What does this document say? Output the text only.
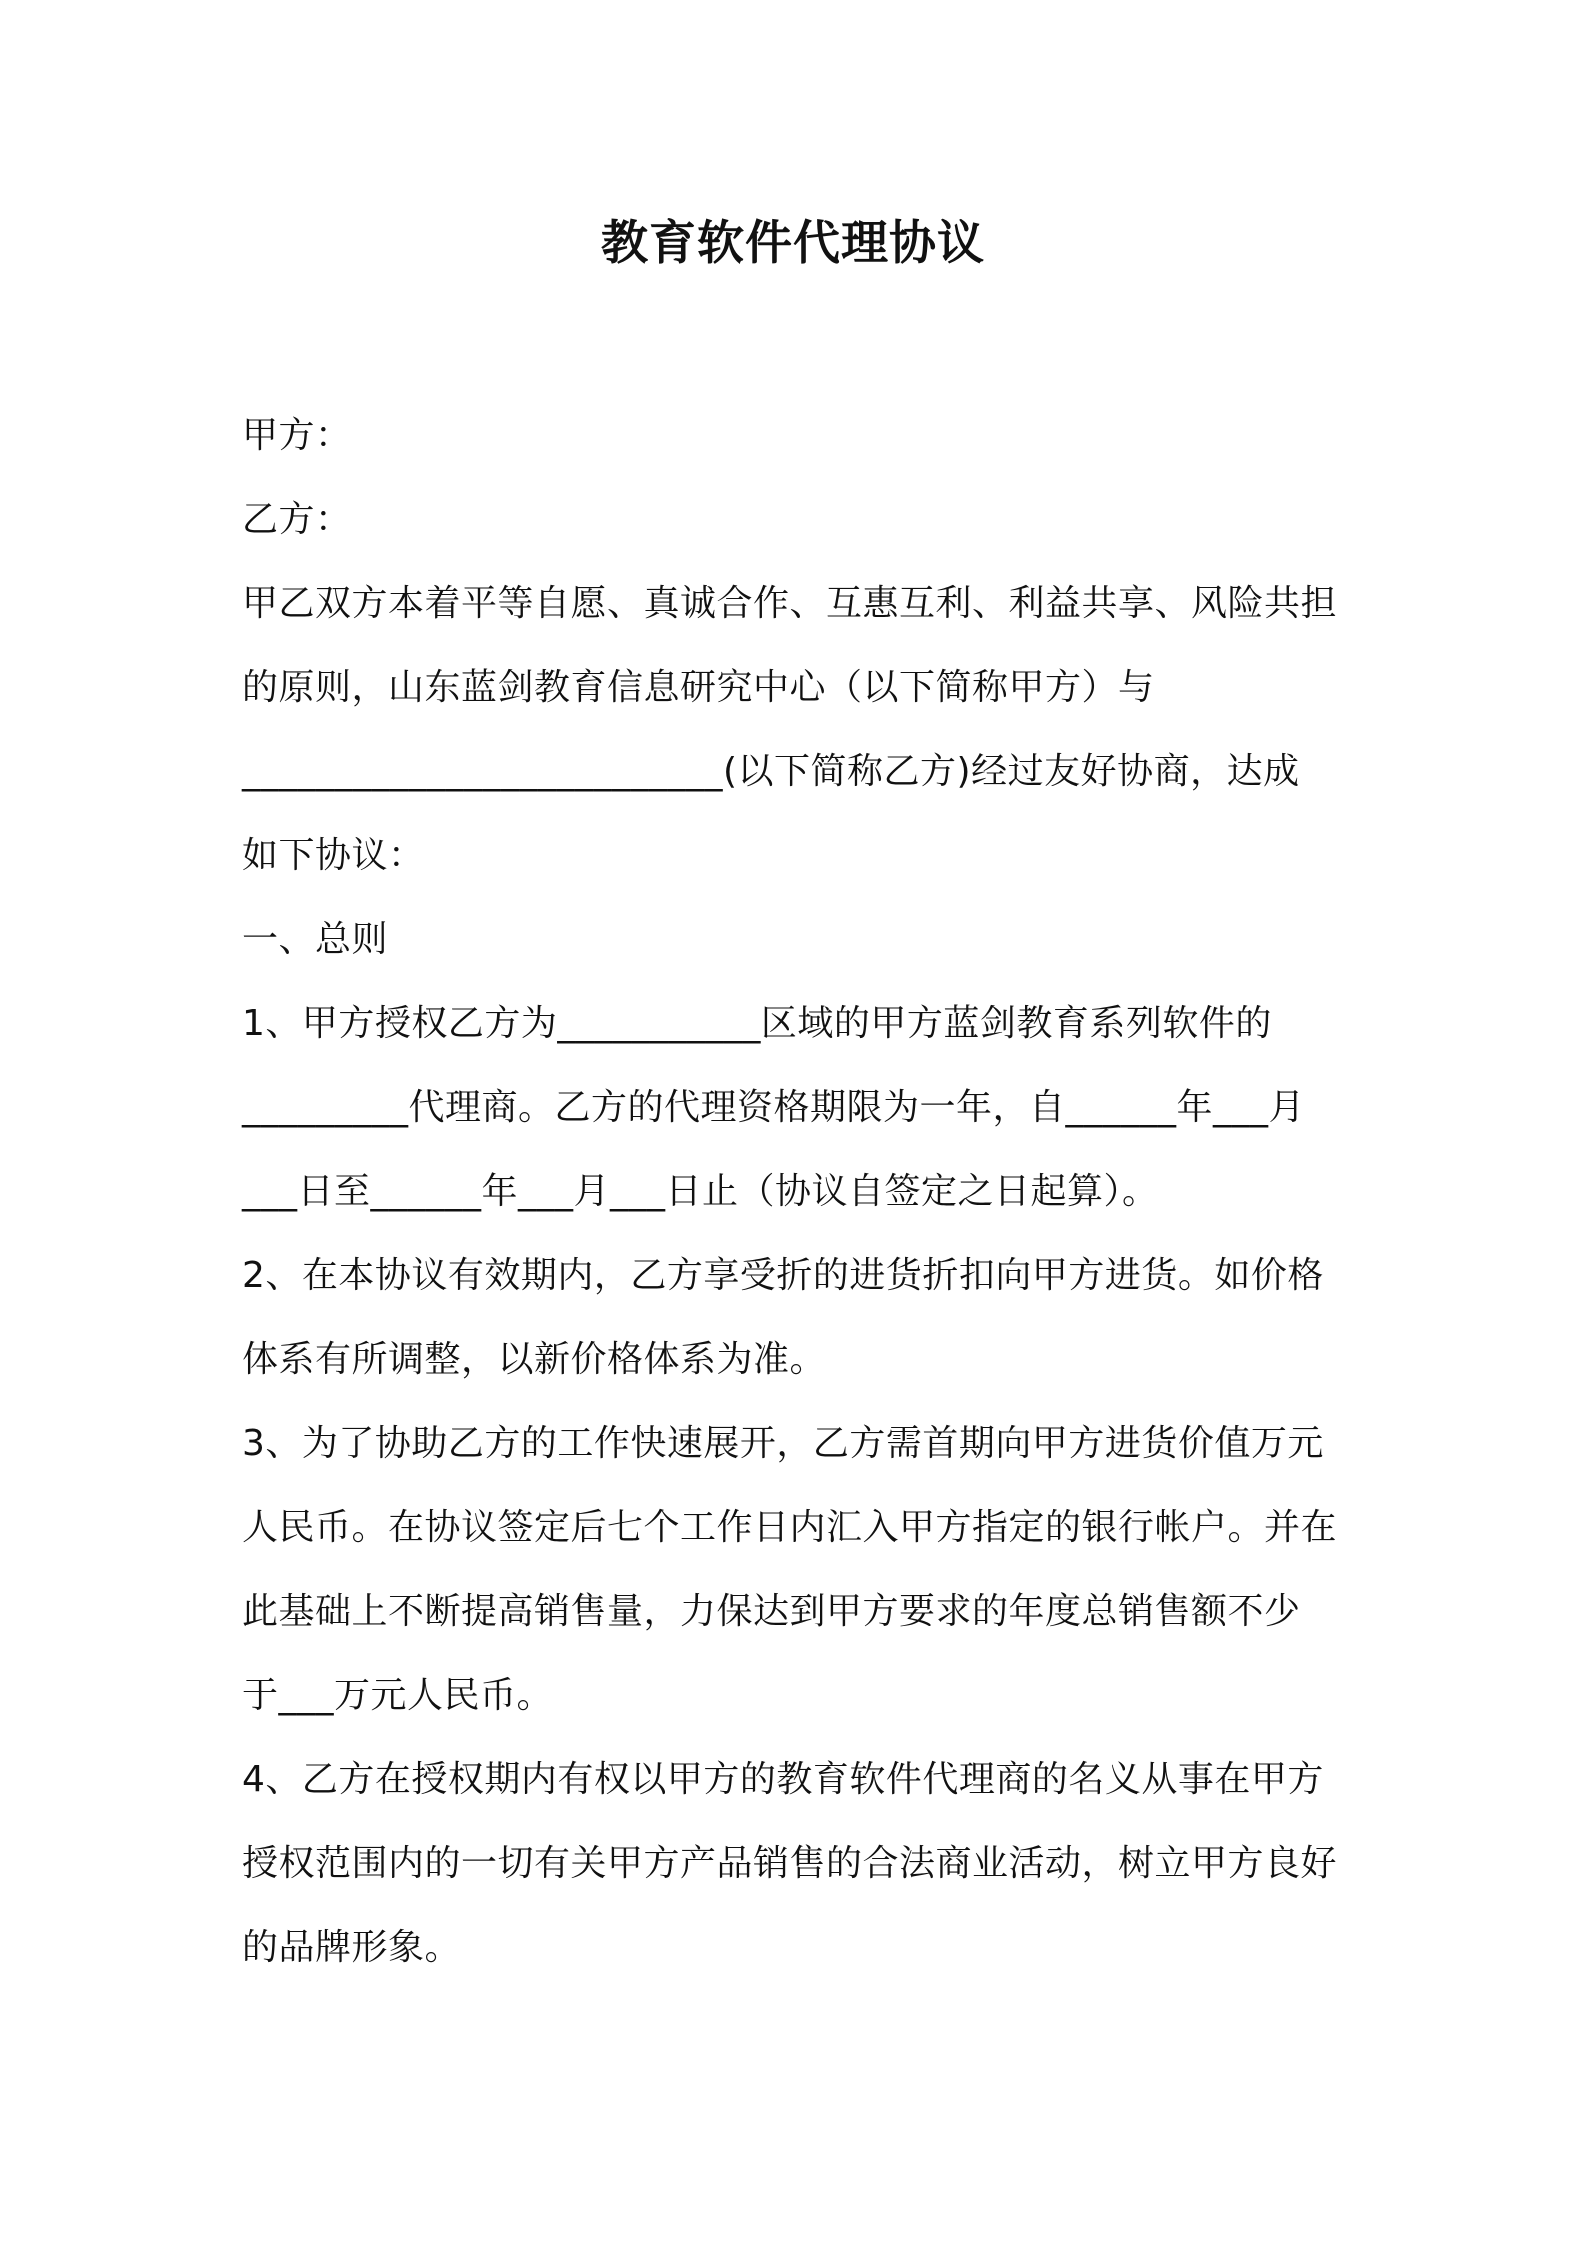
教育软件代理协议
甲方：
乙方：
甲乙双方本着平等自愿、真诚合作、互惠互利、利益共享、风险共担
的原则，山东蓝剑教育信息研究中心（以下简称甲方）与
__________________________(以下简称乙方)经过友好协商，达成
如下协议：
一、总则
1、甲方授权乙方为___________区域的甲方蓝剑教育系列软件的
_________代理商。乙方的代理资格期限为一年，自______年___月
___日至______年___月___日止（协议自签定之日起算）。
2、在本协议有效期内，乙方享受折的进货折扣向甲方进货。如价格
体系有所调整，以新价格体系为准。
3、为了协助乙方的工作快速展开，乙方需首期向甲方进货价值万元
人民币。在协议签定后七个工作日内汇入甲方指定的银行帐户。并在
此基础上不断提高销售量，力保达到甲方要求的年度总销售额不少
于___万元人民币。
4、乙方在授权期内有权以甲方的教育软件代理商的名义从事在甲方
授权范围内的一切有关甲方产品销售的合法商业活动，树立甲方良好
的品牌形象。
